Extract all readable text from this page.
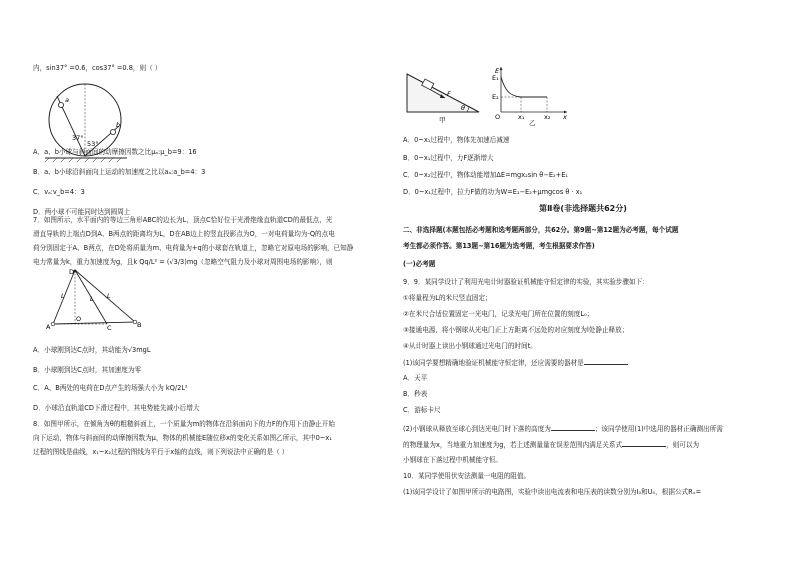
内，sin37° =0.6，cos37° =0.8，则（ ）
a
b
37°
53°
A．a、b小球与斜面间的动摩擦因数之比μₐ:μ_b=9：16
B．a、b小球沿斜面向上运动的加速度之比以aₐ:a_b=4：3
C．vₐ:v_b=4：3
D．两小球不可能同时达到圆周上
7．如图所示，水平面内的等边三角形ABC的边长为L，顶点C恰好位于光滑绝缘直轨道CD的最低点，光
滑直导轨的上端点D到A、B两点的距离均为L，D在AB边上的竖直投影点为O，一对电荷量均为-Q的点电
荷分别固定于A、B两点，在D处将质量为m、电荷量为+q的小球套在轨道上，忽略它对原电场的影响，已知静
电力常量为k，重力加速度为g，且k Qq/L² = (√3/3)mg（忽略空气阻力及小球对周围电场的影响），则
D
A	B
C
O
L	L
L
A．小球刚到达C点时，其动能为√3mgL
B．小球刚到达C点时，其加速度为零
C．A、B两处的电荷在D点产生的场强大小为 kQ/2L²
D．小球沿直轨道CD下滑过程中，其电势能先减小后增大
8．如图甲所示，在倾角为θ的粗糙斜面上，一个质量为m的物体在沿斜面向下的力F的作用下由静止开始
向下运动，物体与斜面间的动摩擦因数为μ，物体的机械能E随位移x的变化关系如图乙所示，其中0~x₁
过程的图线是曲线，x₁~x₂过程的图线为平行于x轴的直线，则下列说法中正确的是（ ）
F
θ
甲
E
E₁
E₂
O	x₁	x₂ x
乙
A．0~x₁过程中，物体先加速后减速
B．0~x₁过程中，力F逐渐增大
C．0~x₂过程中，物体动能增加ΔE=mgx₂sin θ−E₂+E₁
D．0~x₁过程中，拉力F做的功为W=E₁−E₂+μmgcos θ · x₁
第Ⅱ卷(非选择题共62分)
二、非选择题(本题包括必考题和选考题两部分，共62分。第9题~第12题为必考题，每个试题
考生都必须作答。第13题~第16题为选考题，考生根据要求作答)
(一)必考题
9．9．某同学设计了利用光电计时器验证机械能守恒定律的实验，其实验步骤如下：
①将量程为L的米尺竖直固定；
②在米尺合适位置固定一光电门，记录光电门所在位置的刻度L₀；
③接通电源，将小钢球从光电门正上方距离不远处的对应刻度为l处静止释放；
④从计时器上读出小钢球通过光电门的时间t。
(1)该同学要想精确地验证机械能守恒定律，还应需要的器材是
A．天平
B．秒表
C．游标卡尺
(2)小钢球从释放至球心到达光电门时下落的高度为	；该同学使用(1)中选用的器材正确测出所需
的物理量为x，当地重力加速度为g，若上述测量量在误差范围内满足关系式	，则可以为
小钢球在下落过程中机械能守恒。
10．某同学使用伏安法测量一电阻的阻值。
(1)该同学设计了如图甲所示的电路图，实验中读出电流表和电压表的读数分别为I₀和U₀，根据公式Rₓ=
